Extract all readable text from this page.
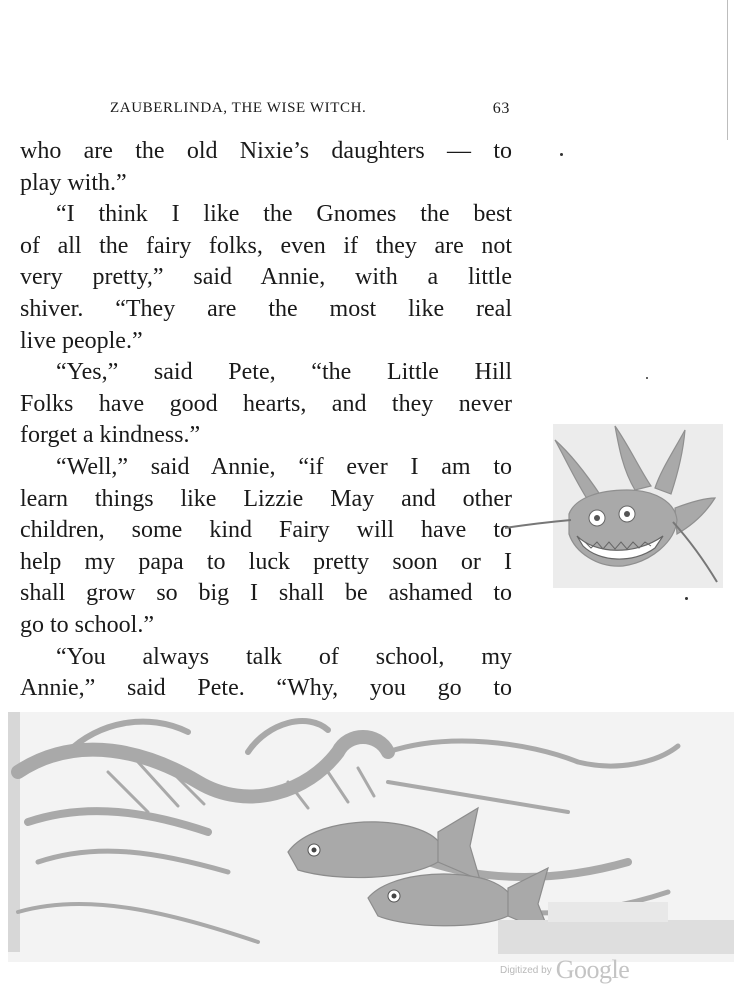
ZAUBERLINDA, THE WISE WITCH.	63
who are the old Nixie’s daughters — to
play with.”
“I think I like the Gnomes the best
of all the fairy folks, even if they are not
very pretty,” said Annie, with a little
shiver. “They are the most like real
live people.”
“Yes,” said Pete, “the Little Hill
Folks have good hearts, and they never
forget a kindness.”
“Well,” said Annie, “if ever I am to
learn things like Lizzie May and other
children, some kind Fairy will have to
help my papa to luck pretty soon or I
shall grow so big I shall be ashamed to
go to school.”
“You always talk of school, my
Annie,” said Pete. “Why, you go to
Digitized by Google
